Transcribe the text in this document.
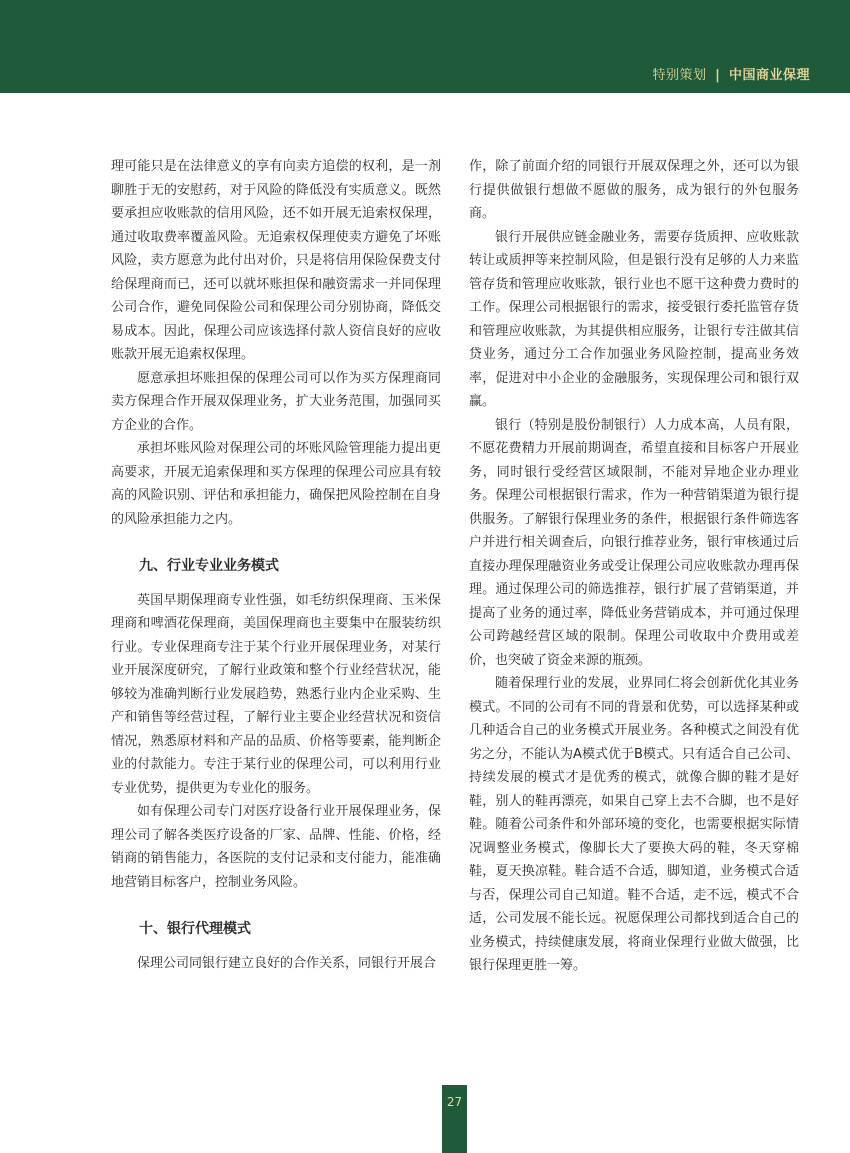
特别策划 | 中国商业保理

理可能只是在法律意义的享有向卖方追偿的权利，是一剂聊胜于无的安慰药，对于风险的降低没有实质意义。既然要承担应收账款的信用风险，还不如开展无追索权保理，通过收取费率覆盖风险。无追索权保理使卖方避免了坏账风险，卖方愿意为此付出对价，只是将信用保险保费支付给保理商而已，还可以就坏账担保和融资需求一并同保理公司合作，避免同保险公司和保理公司分别协商，降低交易成本。因此，保理公司应该选择付款人资信良好的应收账款开展无追索权保理。

愿意承担坏账担保的保理公司可以作为买方保理商同卖方保理合作开展双保理业务，扩大业务范围，加强同买方企业的合作。

承担坏账风险对保理公司的坏账风险管理能力提出更高要求，开展无追索保理和买方保理的保理公司应具有较高的风险识别、评估和承担能力，确保把风险控制在自身的风险承担能力之内。

九、行业专业业务模式

英国早期保理商专业性强，如毛纺织保理商、玉米保理商和啤酒花保理商，美国保理商也主要集中在服装纺织行业。专业保理商专注于某个行业开展保理业务，对某行业开展深度研究，了解行业政策和整个行业经营状况，能够较为准确判断行业发展趋势，熟悉行业内企业采购、生产和销售等经营过程，了解行业主要企业经营状况和资信情况，熟悉原材料和产品的品质、价格等要素，能判断企业的付款能力。专注于某行业的保理公司，可以利用行业专业优势，提供更为专业化的服务。

如有保理公司专门对医疗设备行业开展保理业务，保理公司了解各类医疗设备的厂家、品牌、性能、价格，经销商的销售能力，各医院的支付记录和支付能力，能准确地营销目标客户，控制业务风险。

十、银行代理模式

保理公司同银行建立良好的合作关系，同银行开展合

作，除了前面介绍的同银行开展双保理之外，还可以为银行提供做银行想做不愿做的服务，成为银行的外包服务商。

银行开展供应链金融业务，需要存货质押、应收账款转让或质押等来控制风险，但是银行没有足够的人力来监管存货和管理应收账款，银行业也不愿干这种费力费时的工作。保理公司根据银行的需求，接受银行委托监管存货和管理应收账款，为其提供相应服务，让银行专注做其信贷业务，通过分工合作加强业务风险控制，提高业务效率，促进对中小企业的金融服务，实现保理公司和银行双赢。

银行（特别是股份制银行）人力成本高，人员有限，不愿花费精力开展前期调查，希望直接和目标客户开展业务，同时银行受经营区域限制，不能对异地企业办理业务。保理公司根据银行需求，作为一种营销渠道为银行提供服务。了解银行保理业务的条件，根据银行条件筛选客户并进行相关调查后，向银行推荐业务，银行审核通过后直接办理保理融资业务或受让保理公司应收账款办理再保理。通过保理公司的筛选推荐，银行扩展了营销渠道，并提高了业务的通过率，降低业务营销成本，并可通过保理公司跨越经营区域的限制。保理公司收取中介费用或差价，也突破了资金来源的瓶颈。

随着保理行业的发展，业界同仁将会创新优化其业务模式。不同的公司有不同的背景和优势，可以选择某种或几种适合自己的业务模式开展业务。各种模式之间没有优劣之分，不能认为A模式优于B模式。只有适合自己公司、持续发展的模式才是优秀的模式，就像合脚的鞋才是好鞋，别人的鞋再漂亮，如果自己穿上去不合脚，也不是好鞋。随着公司条件和外部环境的变化，也需要根据实际情况调整业务模式，像脚长大了要换大码的鞋，冬天穿棉鞋，夏天换凉鞋。鞋合适不合适，脚知道，业务模式合适与否，保理公司自己知道。鞋不合适，走不远，模式不合适，公司发展不能长远。祝愿保理公司都找到适合自己的业务模式，持续健康发展，将商业保理行业做大做强，比银行保理更胜一筹。

27
